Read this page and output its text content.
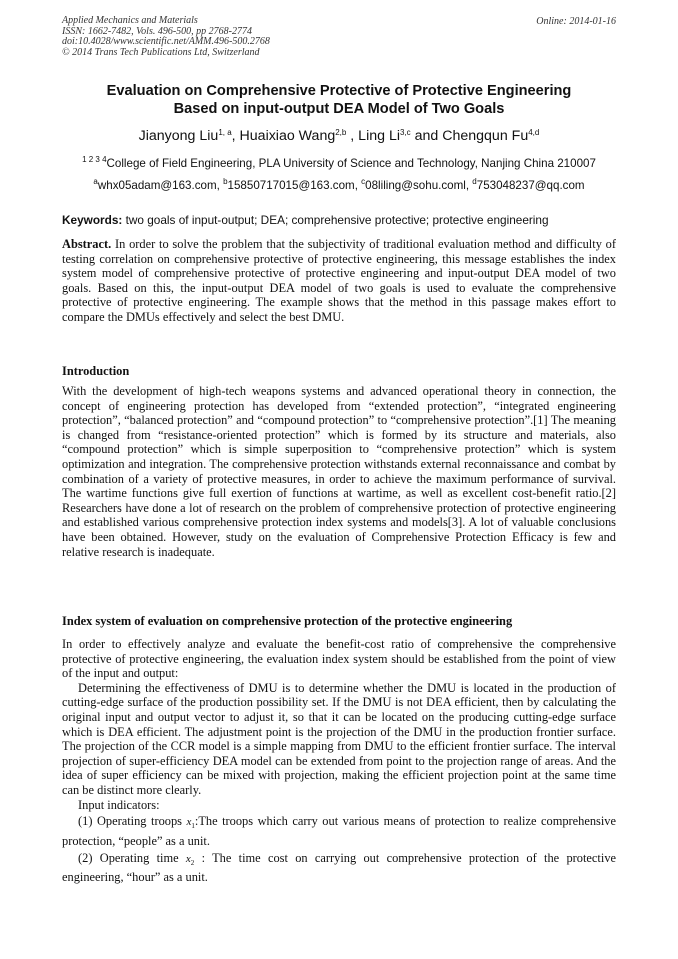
Applied Mechanics and Materials
ISSN: 1662-7482, Vols. 496-500, pp 2768-2774
doi:10.4028/www.scientific.net/AMM.496-500.2768
© 2014 Trans Tech Publications Ltd, Switzerland
Online: 2014-01-16
Evaluation on Comprehensive Protective of Protective Engineering
Based on input-output DEA Model of Two Goals
Jianyong Liu$^{1, a}$, Huaixiao Wang$^{2,b}$ , Ling Li$^{3,c}$ and Chengqun Fu$^{4,d}$
$^{1 2 3 4}$College of Field Engineering, PLA University of Science and Technology, Nanjing China 210007
$^a$whx05adam@163.com, $^b$15850717015@163.com, $^c$08liling@sohu.coml, $^d$753048237@qq.com
Keywords: two goals of input-output; DEA; comprehensive protective; protective engineering

Abstract. In order to solve the problem that the subjectivity of traditional evaluation method and difficulty of testing correlation on comprehensive protective of protective engineering, this message establishes the index system model of comprehensive protective of protective engineering and input-output DEA model of two goals. Based on this, the input-output DEA model of two goals is used to evaluate the comprehensive protective of protective engineering. The example shows that the method in this passage makes effort to compare the DMUs effectively and select the best DMU.

Introduction

With the development of high-tech weapons systems and advanced operational theory in connection, the concept of engineering protection has developed from “extended protection”, “integrated engineering protection”, “balanced protection” and “compound protection” to “comprehensive protection”.[1] The meaning is changed from “resistance-oriented protection” which is formed by its structure and materials, also “compound protection” which is simple superposition to “comprehensive protection” which is system optimization and integration. The comprehensive protection withstands external reconnaissance and combat by combination of a variety of protective measures, in order to achieve the maximum performance of survival. The wartime functions give full exertion of functions at wartime, as well as excellent cost-benefit ratio.[2] Researchers have done a lot of research on the problem of comprehensive protection of protective engineering and established various comprehensive protection index systems and models[3]. A lot of valuable conclusions have been obtained. However, study on the evaluation of Comprehensive Protection Efficacy is few and relative research is inadequate.

Index system of evaluation on comprehensive protection of the protective engineering

In order to effectively analyze and evaluate the benefit-cost ratio of comprehensive the comprehensive protective of protective engineering, the evaluation index system should be established from the point of view of the input and output:

Determining the effectiveness of DMU is to determine whether the DMU is located in the production of cutting-edge surface of the production possibility set. If the DMU is not DEA efficient, then by calculating the original input and output vector to adjust it, so that it can be located on the producing cutting-edge surface which is DEA efficient. The adjustment point is the projection of the DMU in the production frontier surface. The projection of the CCR model is a simple mapping from DMU to the efficient frontier surface. The interval projection of super-efficiency DEA model can be extended from point to the projection range of areas. And the idea of super efficiency can be mixed with projection, making the efficient projection point at the same time can be distinct more clearly.

Input indicators:

(1) Operating troops $x_1:The$ troops which carry out various means of protection to realize comprehensive protection, “people” as a unit.

(2) Operating time $x_2$ : The time cost on carrying out comprehensive protection of the protective engineering, “hour” as a unit.
